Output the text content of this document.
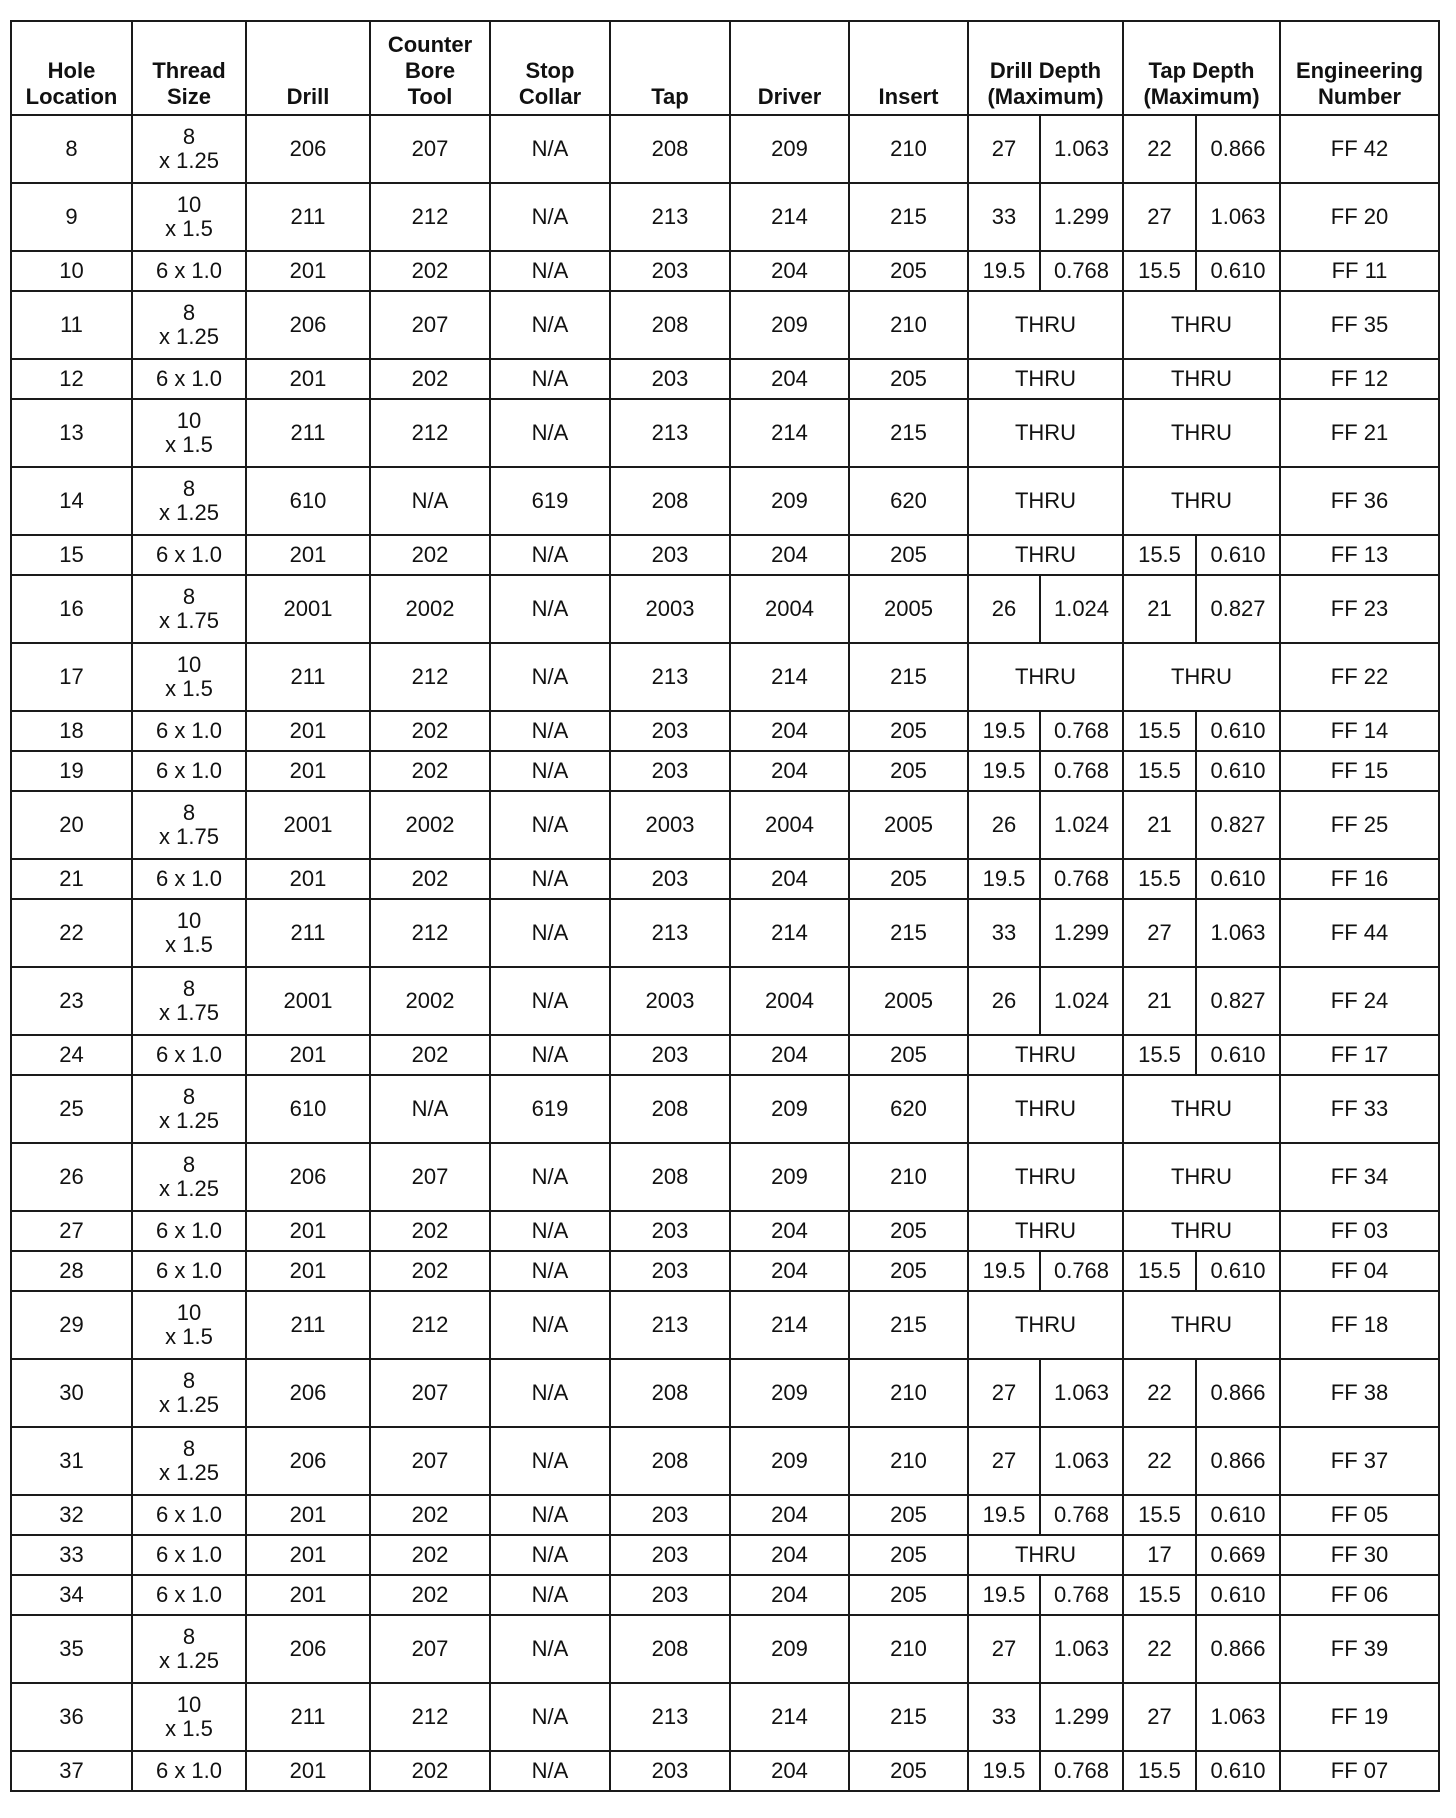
Hole
Location	Thread
Size	Drill	Counter
Bore
Tool	Stop
Collar	Tap	Driver	Insert	Drill Depth
(Maximum)		Tap Depth
(Maximum)		Engineering
Number

8	8
x 1.25	206	207	N/A	208	209	210	27	1.063	22	0.866	FF 42
9	10
x 1.5	211	212	N/A	213	214	215	33	1.299	27	1.063	FF 20
10	6 x 1.0	201	202	N/A	203	204	205	19.5	0.768	15.5	0.610	FF 11
11	8
x 1.25	206	207	N/A	208	209	210	THRU		THRU		FF 35
12	6 x 1.0	201	202	N/A	203	204	205	THRU		THRU		FF 12
13	10
x 1.5	211	212	N/A	213	214	215	THRU		THRU		FF 21
14	8
x 1.25	610	N/A	619	208	209	620	THRU		THRU		FF 36
15	6 x 1.0	201	202	N/A	203	204	205	THRU		15.5	0.610	FF 13
16	8
x 1.75	2001	2002	N/A	2003	2004	2005	26	1.024	21	0.827	FF 23
17	10
x 1.5	211	212	N/A	213	214	215	THRU		THRU		FF 22
18	6 x 1.0	201	202	N/A	203	204	205	19.5	0.768	15.5	0.610	FF 14
19	6 x 1.0	201	202	N/A	203	204	205	19.5	0.768	15.5	0.610	FF 15
20	8
x 1.75	2001	2002	N/A	2003	2004	2005	26	1.024	21	0.827	FF 25
21	6 x 1.0	201	202	N/A	203	204	205	19.5	0.768	15.5	0.610	FF 16
22	10
x 1.5	211	212	N/A	213	214	215	33	1.299	27	1.063	FF 44
23	8
x 1.75	2001	2002	N/A	2003	2004	2005	26	1.024	21	0.827	FF 24
24	6 x 1.0	201	202	N/A	203	204	205	THRU		15.5	0.610	FF 17
25	8
x 1.25	610	N/A	619	208	209	620	THRU		THRU		FF 33
26	8
x 1.25	206	207	N/A	208	209	210	THRU		THRU		FF 34
27	6 x 1.0	201	202	N/A	203	204	205	THRU		THRU		FF 03
28	6 x 1.0	201	202	N/A	203	204	205	19.5	0.768	15.5	0.610	FF 04
29	10
x 1.5	211	212	N/A	213	214	215	THRU		THRU		FF 18
30	8
x 1.25	206	207	N/A	208	209	210	27	1.063	22	0.866	FF 38
31	8
x 1.25	206	207	N/A	208	209	210	27	1.063	22	0.866	FF 37
32	6 x 1.0	201	202	N/A	203	204	205	19.5	0.768	15.5	0.610	FF 05
33	6 x 1.0	201	202	N/A	203	204	205	THRU		17	0.669	FF 30
34	6 x 1.0	201	202	N/A	203	204	205	19.5	0.768	15.5	0.610	FF 06
35	8
x 1.25	206	207	N/A	208	209	210	27	1.063	22	0.866	FF 39
36	10
x 1.5	211	212	N/A	213	214	215	33	1.299	27	1.063	FF 19
37	6 x 1.0	201	202	N/A	203	204	205	19.5	0.768	15.5	0.610	FF 07
